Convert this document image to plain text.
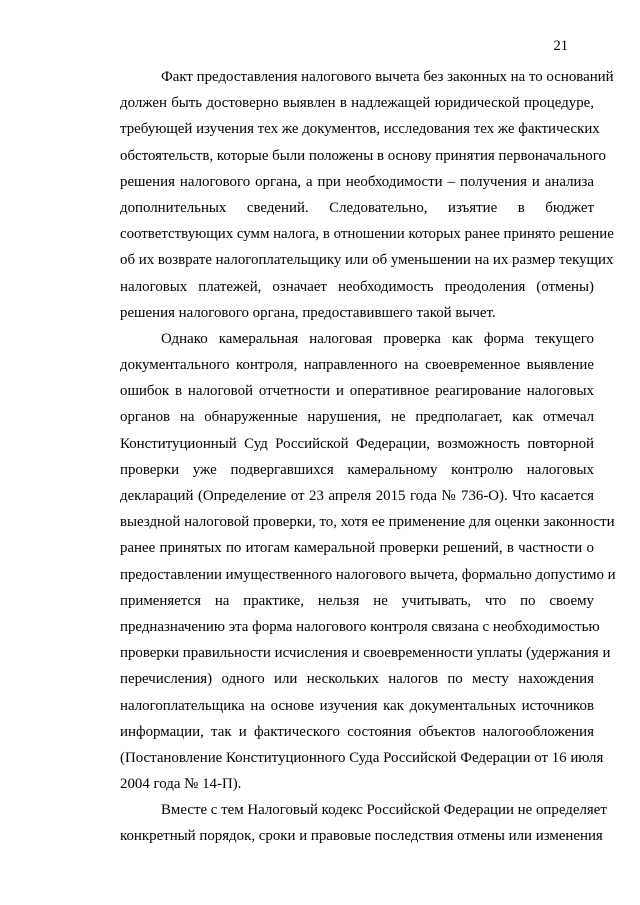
21
Факт предоставления налогового вычета без законных на то оснований
должен быть достоверно выявлен в надлежащей юридической процедуре,
требующей изучения тех же документов, исследования тех же фактических
обстоятельств, которые были положены в основу принятия первоначального
решения налогового органа, а при необходимости – получения и анализа
дополнительных сведений. Следовательно, изъятие в бюджет
соответствующих сумм налога, в отношении которых ранее принято решение
об их возврате налогоплательщику или об уменьшении на их размер текущих
налоговых платежей, означает необходимость преодоления (отмены)
решения налогового органа, предоставившего такой вычет.
Однако камеральная налоговая проверка как форма текущего
документального контроля, направленного на своевременное выявление
ошибок в налоговой отчетности и оперативное реагирование налоговых
органов на обнаруженные нарушения, не предполагает, как отмечал
Конституционный Суд Российской Федерации, возможность повторной
проверки уже подвергавшихся камеральному контролю налоговых
деклараций (Определение от 23 апреля 2015 года № 736-О). Что касается
выездной налоговой проверки, то, хотя ее применение для оценки законности
ранее принятых по итогам камеральной проверки решений, в частности о
предоставлении имущественного налогового вычета, формально допустимо и
применяется на практике, нельзя не учитывать, что по своему
предназначению эта форма налогового контроля связана с необходимостью
проверки правильности исчисления и своевременности уплаты (удержания и
перечисления) одного или нескольких налогов по месту нахождения
налогоплательщика на основе изучения как документальных источников
информации, так и фактического состояния объектов налогообложения
(Постановление Конституционного Суда Российской Федерации от 16 июля
2004 года № 14-П).
Вместе с тем Налоговый кодекс Российской Федерации не определяет
конкретный порядок, сроки и правовые последствия отмены или изменения
